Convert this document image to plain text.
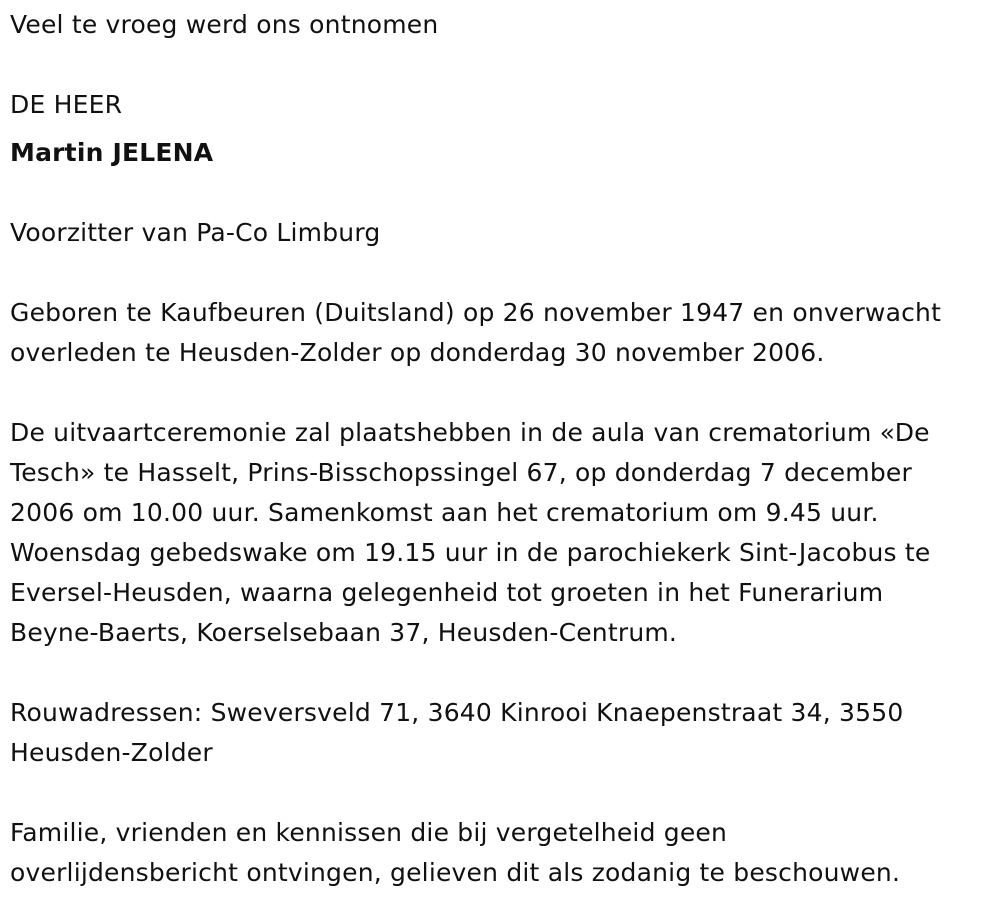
Veel te vroeg werd ons ontnomen
DE HEER
Martin JELENA
Voorzitter van Pa-Co Limburg
Geboren te Kaufbeuren (Duitsland) op 26 november 1947 en onverwacht
overleden te Heusden-Zolder op donderdag 30 november 2006.
De uitvaartceremonie zal plaatshebben in de aula van crematorium «De
Tesch» te Hasselt, Prins-Bisschopssingel 67, op donderdag 7 december
2006 om 10.00 uur. Samenkomst aan het crematorium om 9.45 uur.
Woensdag gebedswake om 19.15 uur in de parochiekerk Sint-Jacobus te
Eversel-Heusden, waarna gelegenheid tot groeten in het Funerarium
Beyne-Baerts, Koerselsebaan 37, Heusden-Centrum.
Rouwadressen: Sweversveld 71, 3640 Kinrooi Knaepenstraat 34, 3550
Heusden-Zolder
Familie, vrienden en kennissen die bij vergetelheid geen
overlijdensbericht ontvingen, gelieven dit als zodanig te beschouwen.
